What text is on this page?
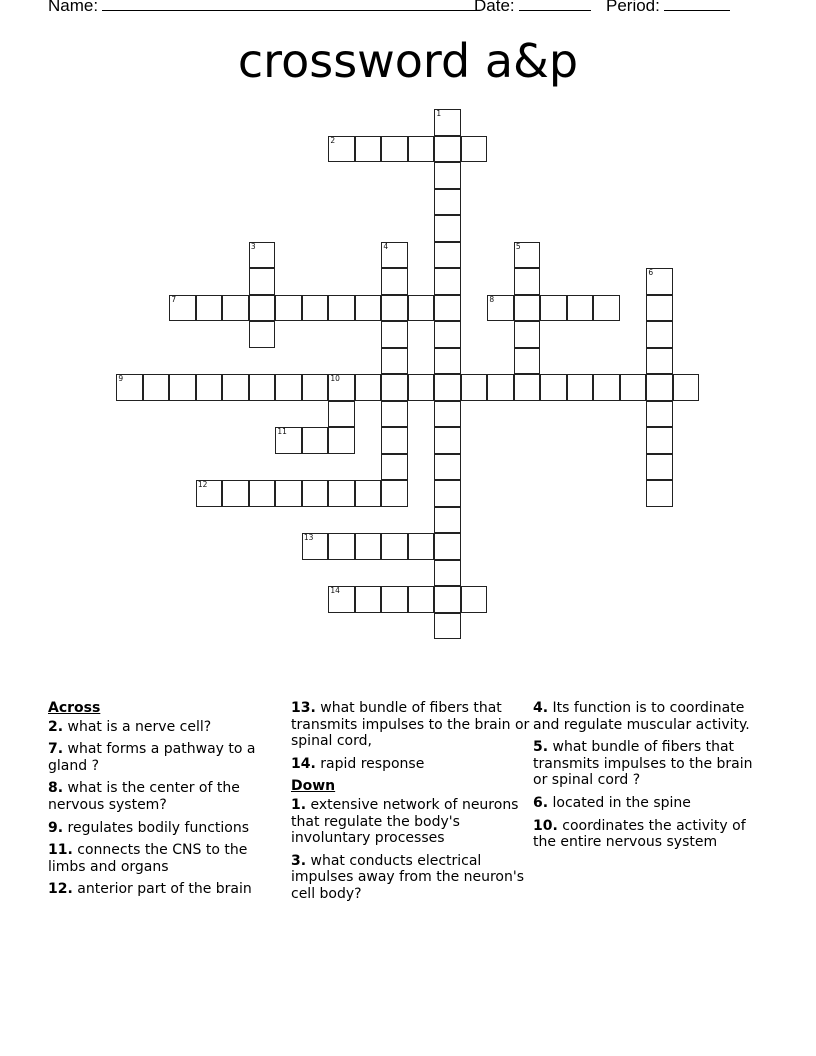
Name:	Date:	Period:
crossword a&p
1
2
3	4	5
6
7	8
9	10
11
12
13
14
Across
2. what is a nerve cell?
7. what forms a pathway to a gland ?
8. what is the center of the nervous system?
9. regulates bodily functions
11. connects the CNS to the limbs and organs
12. anterior part of the brain
13. what bundle of fibers that transmits impulses to the brain or spinal cord,
14. rapid response
Down
1. extensive network of neurons that regulate the body's involuntary processes
3. what conducts electrical impulses away from the neuron's cell body?
4. Its function is to coordinate and regulate muscular activity.
5. what bundle of fibers that transmits impulses to the brain or spinal cord ?
6. located in the spine
10. coordinates the activity of the entire nervous system
